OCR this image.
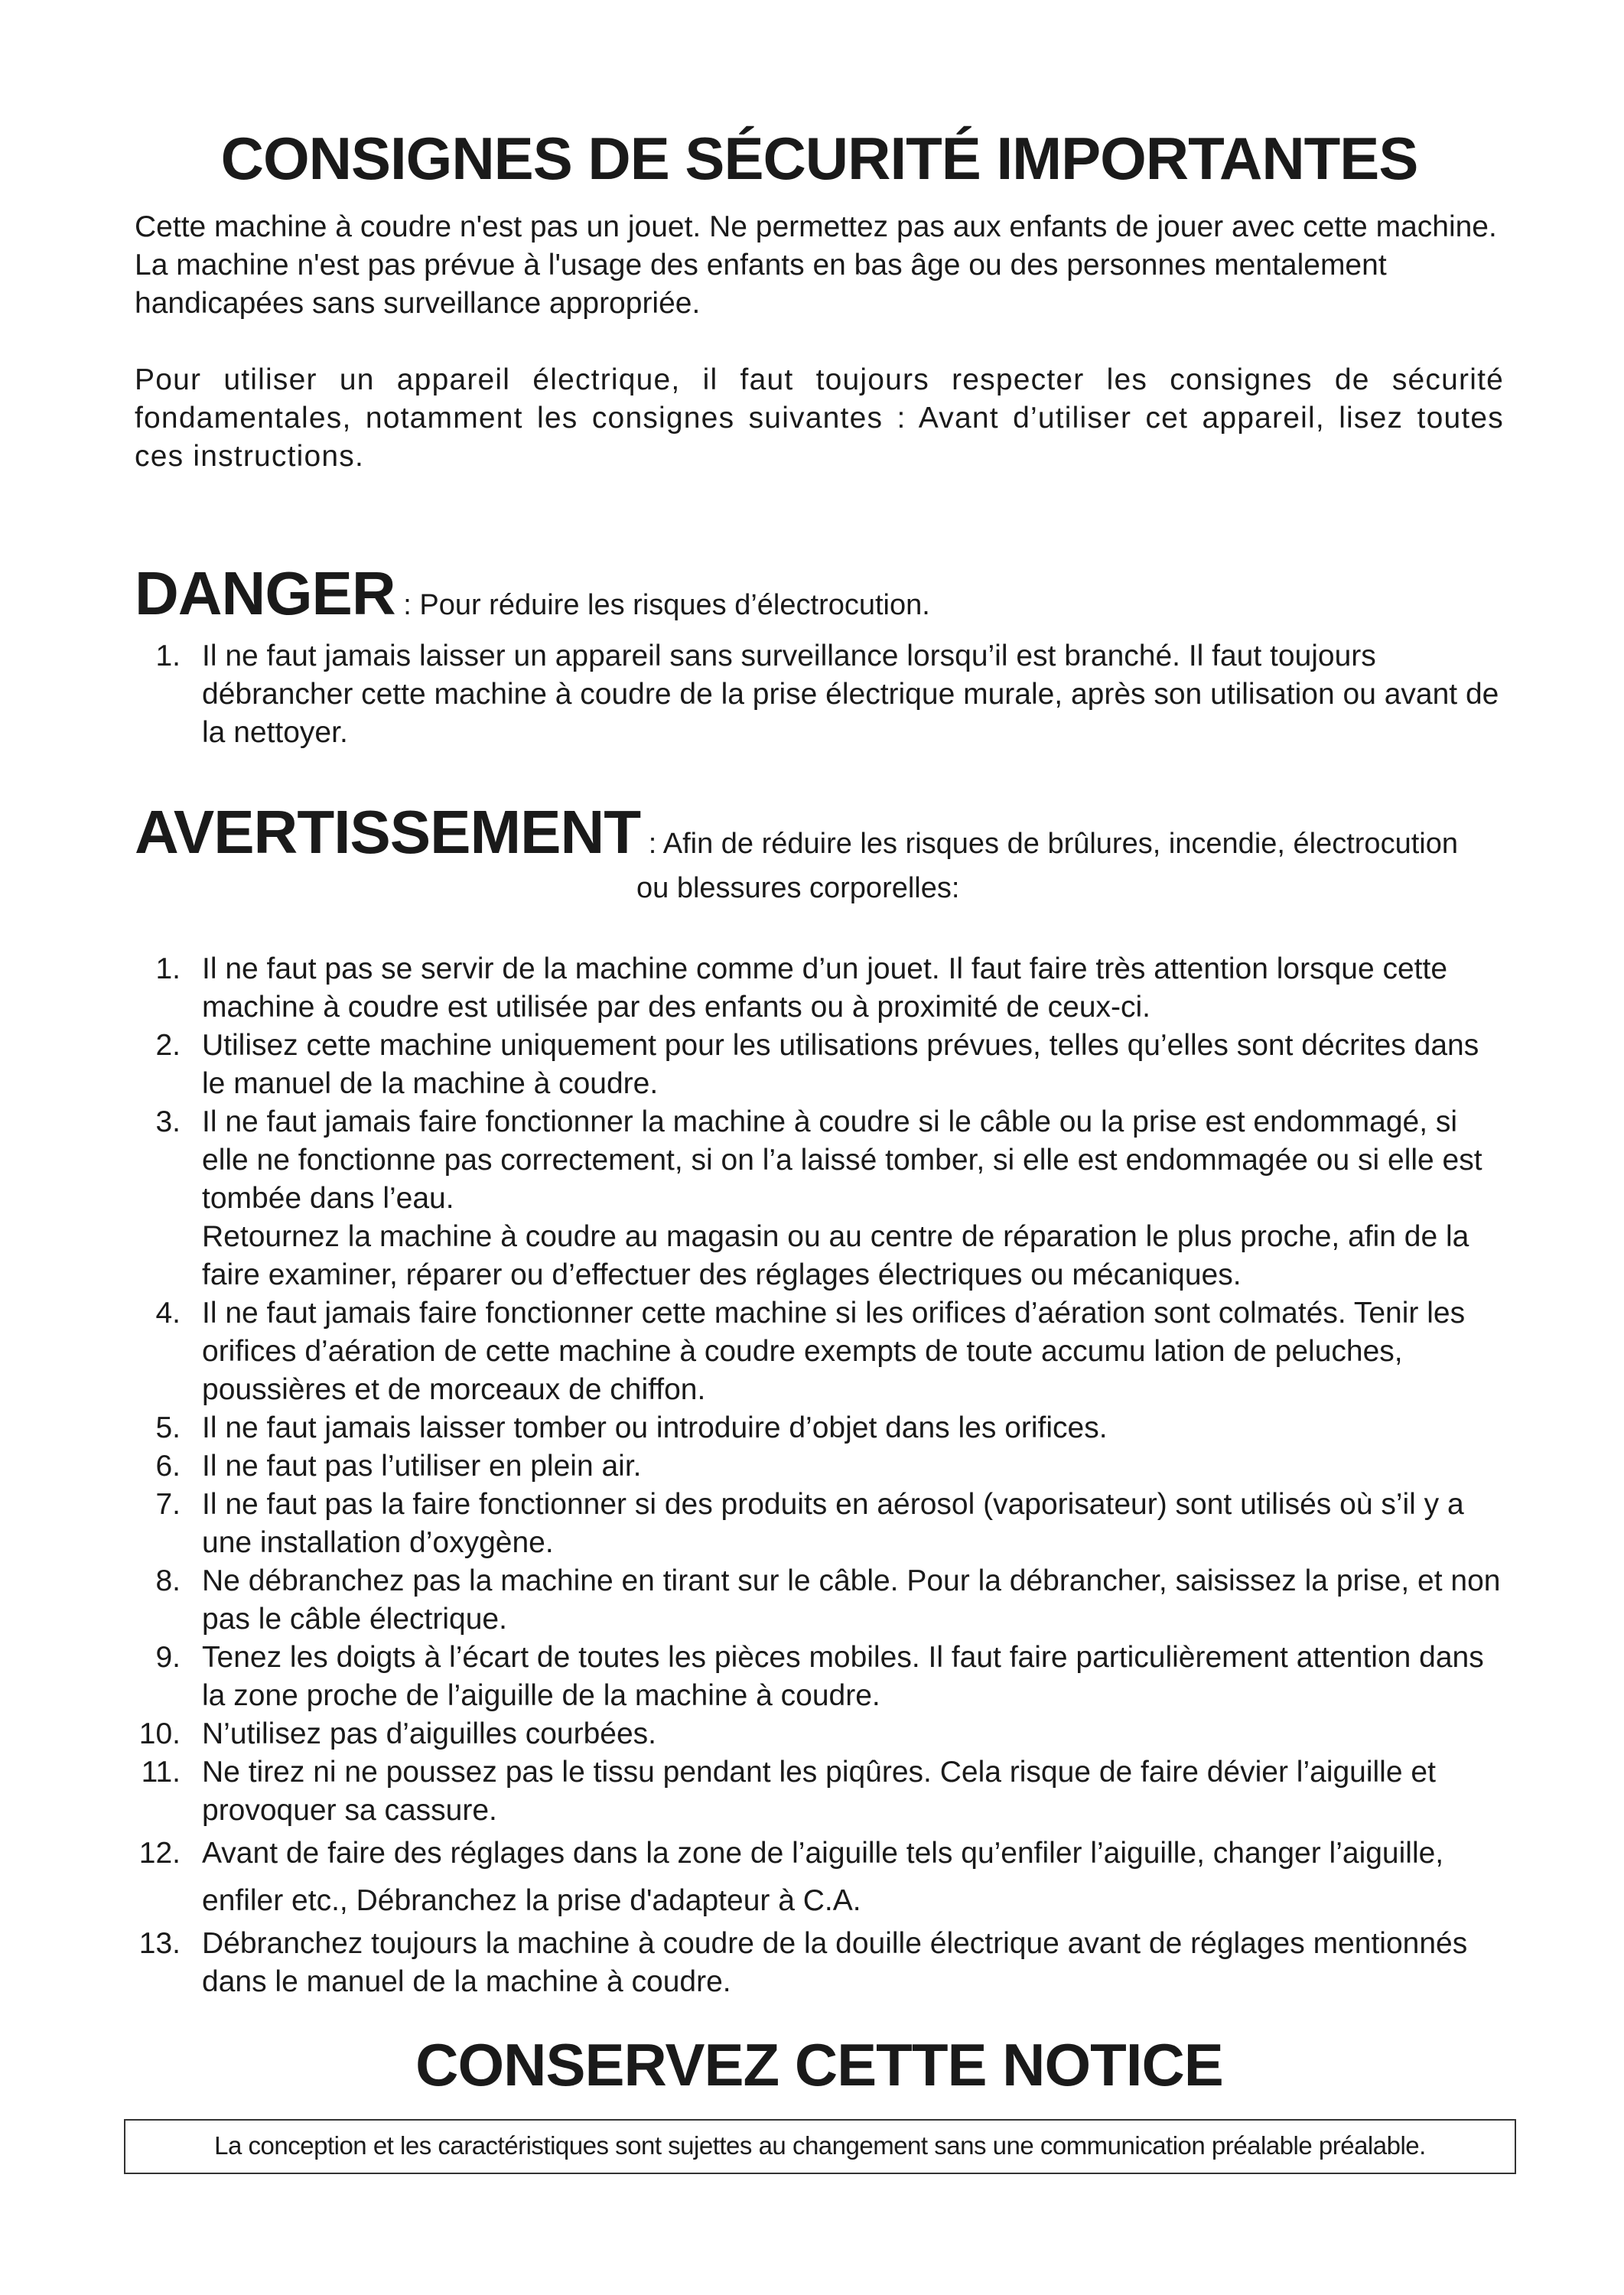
CONSIGNES DE SÉCURITÉ IMPORTANTES

Cette machine à coudre n'est pas un jouet. Ne permettez pas aux enfants de jouer avec cette machine.

La machine n'est pas prévue à l'usage des enfants en bas âge ou des personnes mentalement handicapées sans surveillance appropriée.

Pour utiliser un appareil électrique, il faut toujours respecter les consignes de sécurité fondamentales, notamment les consignes suivantes : Avant d’utiliser cet appareil, lisez toutes ces instructions.

DANGER : Pour réduire les risques d’électrocution.
1. Il ne faut jamais laisser un appareil sans surveillance lorsqu’il est branché. Il faut toujours débrancher cette machine à coudre de la prise électrique murale, après son utilisation ou avant de la nettoyer.
AVERTISSEMENT : Afin de réduire les risques de brûlures, incendie, électrocution
ou blessures corporelles:
1. Il ne faut pas se servir de la machine comme d’un jouet. Il faut faire très attention lorsque cette machine à coudre est utilisée par des enfants ou à proximité de ceux-ci.
2. Utilisez cette machine uniquement pour les utilisations prévues, telles qu’elles sont décrites dans le manuel de la machine à coudre.
3. Il ne faut jamais faire fonctionner la machine à coudre si le câble ou la prise est endommagé, si elle ne fonctionne pas correctement, si on l’a laissé tomber, si elle est endommagée ou si elle est tombée dans l’eau.
Retournez la machine à coudre au magasin ou au centre de réparation le plus proche, afin de la faire examiner, réparer ou d’effectuer des réglages électriques ou mécaniques.
4. Il ne faut jamais faire fonctionner cette machine si les orifices d’aération sont colmatés. Tenir les orifices d’aération de cette machine à coudre exempts de toute accumu lation de peluches, poussières et de morceaux de chiffon.
5. Il ne faut jamais laisser tomber ou introduire d’objet dans les orifices.
6. Il ne faut pas l’utiliser en plein air.
7. Il ne faut pas la faire fonctionner si des produits en aérosol (vaporisateur) sont utilisés où s’il y a une installation d’oxygène.
8. Ne débranchez pas la machine en tirant sur le câble. Pour la débrancher, saisissez la prise, et non pas le câble électrique.
9. Tenez les doigts à l’écart de toutes les pièces mobiles. Il faut faire particulièrement attention dans la zone proche de l’aiguille de la machine à coudre.
10. N’utilisez pas d’aiguilles courbées.
11. Ne tirez ni ne poussez pas le tissu pendant les piqûres. Cela risque de faire dévier l’aiguille et provoquer sa cassure.
12. Avant de faire des réglages dans la zone de l’aiguille tels qu’enfiler l’aiguille, changer l’aiguille, enfiler etc., Débranchez la prise d'adapteur à C.A.
13. Débranchez toujours la machine à coudre de la douille électrique avant de réglages mentionnés dans le manuel de la machine à coudre.
CONSERVEZ CETTE NOTICE
La conception et les caractéristiques sont sujettes au changement sans une communication préalable préalable.
